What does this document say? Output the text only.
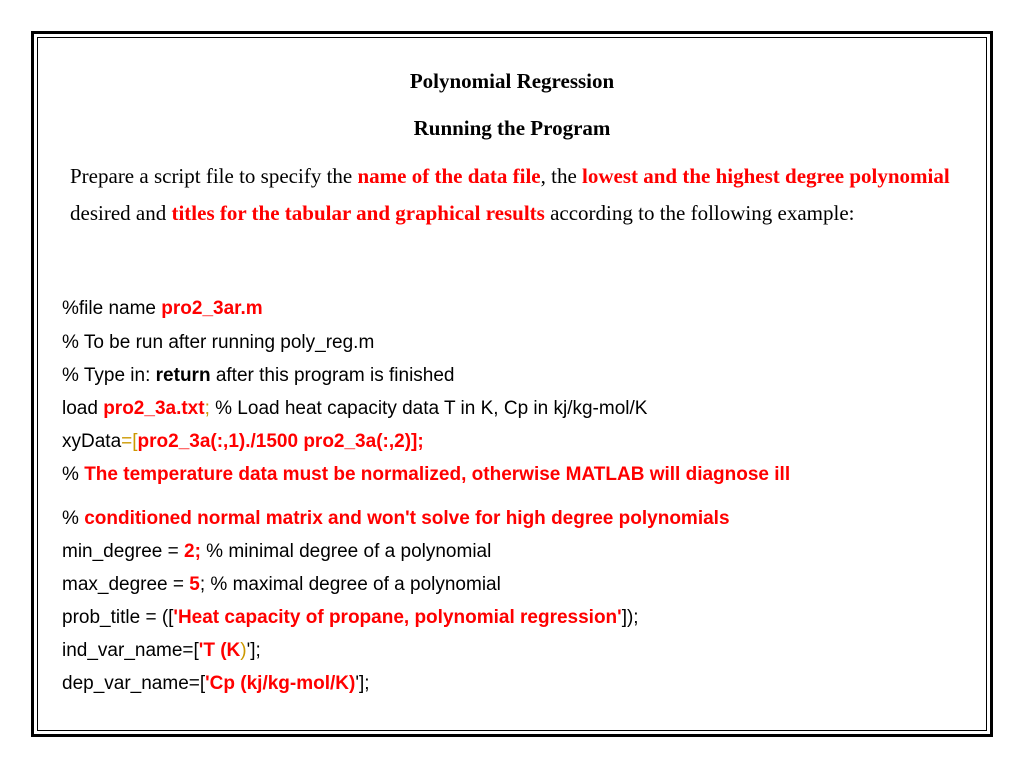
Polynomial Regression
Running the Program
Prepare a script file to specify the name of the data file, the lowest and the highest degree polynomial desired and titles for the tabular and graphical results according to the following example:
%file name pro2_3ar.m
% To be run after running poly_reg.m
% Type in: return after this program is finished
load pro2_3a.txt; % Load heat capacity data T in K, Cp in kj/kg-mol/K
xyData=[pro2_3a(:,1)./1500 pro2_3a(:,2)];
% The temperature data must be normalized, otherwise MATLAB will diagnose ill
% conditioned normal matrix and won't solve for high degree polynomials
min_degree = 2; % minimal degree of a polynomial
max_degree = 5; % maximal degree of a polynomial
prob_title = (['Heat capacity of propane, polynomial regression']);
ind_var_name=['T (K)'];
dep_var_name=['Cp (kj/kg-mol/K)'];
